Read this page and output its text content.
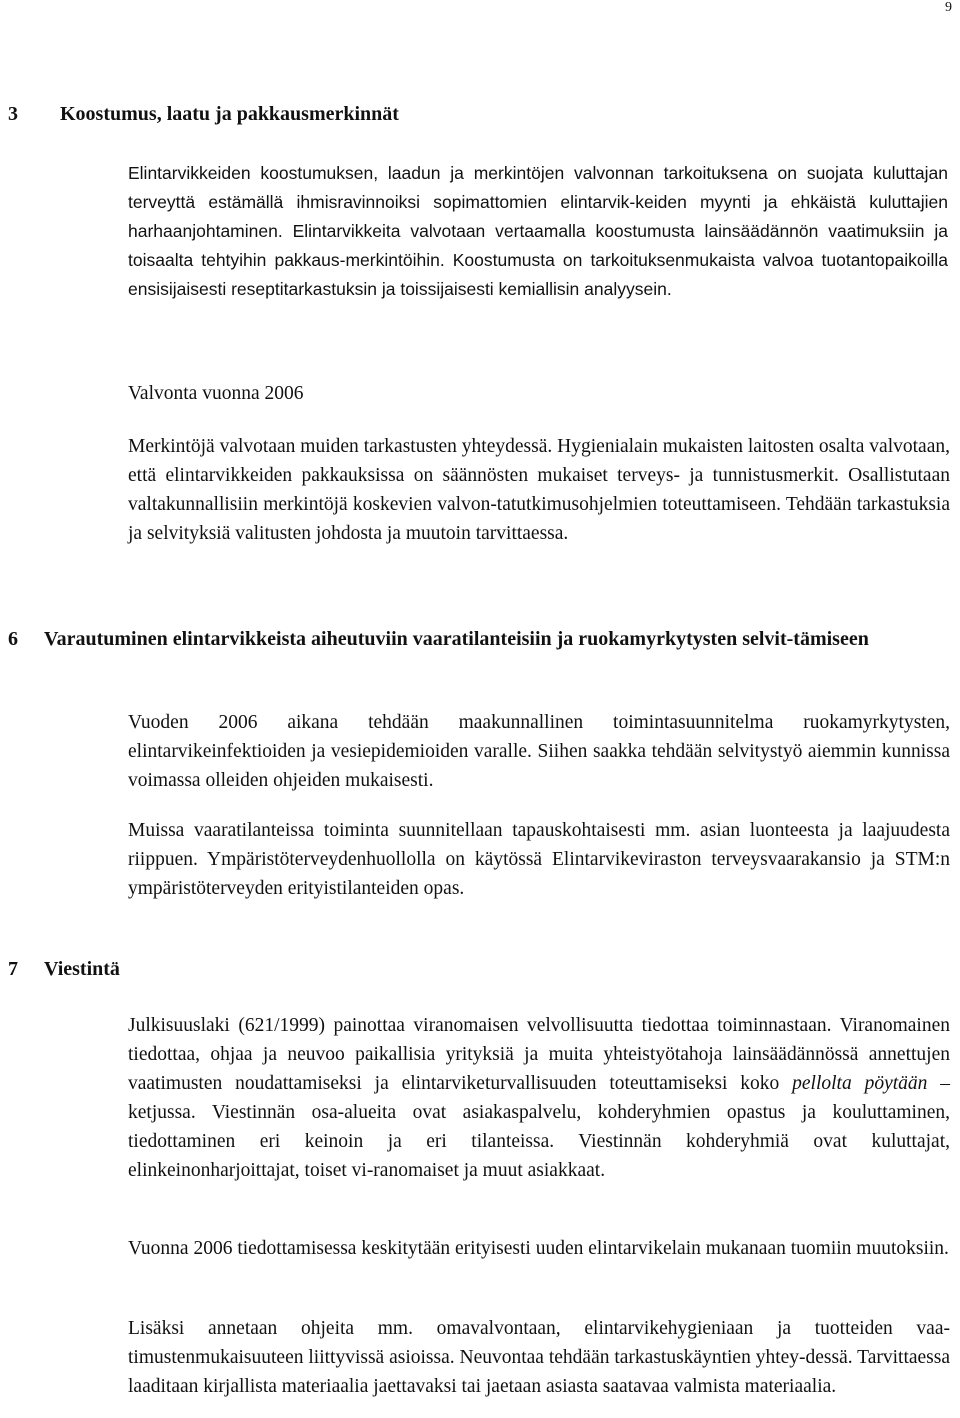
9
3 Koostumus, laatu ja pakkausmerkinnät
Elintarvikkeiden koostumuksen, laadun ja merkintöjen valvonnan tarkoituksena on suojata kuluttajan terveyttä estämällä ihmisravinnoiksi sopimattomien elintarvik-keiden myynti ja ehkäistä kuluttajien harhaanjohtaminen. Elintarvikkeita valvotaan vertaamalla koostumusta lainsäädännön vaatimuksiin ja toisaalta tehtyihin pakkaus-merkintöihin. Koostumusta on tarkoituksenmukaista valvoa tuotantopaikoilla ensisijaisesti reseptitarkastuksin ja toissijaisesti kemiallisin analyysein.
Valvonta vuonna 2006

Merkintöjä valvotaan muiden tarkastusten yhteydessä. Hygienialain mukaisten laitosten osalta valvotaan, että elintarvikkeiden pakkauksissa on säännösten mukaiset terveys- ja tunnistusmerkit. Osallistutaan valtakunnallisiin merkintöjä koskevien valvon-tatutkimusohjelmien toteuttamiseen. Tehdään tarkastuksia ja selvityksiä valitusten johdosta ja muutoin tarvittaessa.

6 Varautuminen elintarvikkeista aiheutuviin vaaratilanteisiin ja ruokamyrkytysten selvit-tämiseen

Vuoden 2006 aikana tehdään maakunnallinen toimintasuunnitelma ruokamyrkytysten, elintarvikeinfektioiden ja vesiepidemioiden varalle. Siihen saakka tehdään selvitystyö aiemmin kunnissa voimassa olleiden ohjeiden mukaisesti.

Muissa vaaratilanteissa toiminta suunnitellaan tapauskohtaisesti mm. asian luonteesta ja laajuudesta riippuen. Ympäristöterveydenhuollolla on käytössä Elintarvikeviraston terveysvaarakansio ja STM:n ympäristöterveyden erityistilanteiden opas.

7 Viestintä

Julkisuuslaki (621/1999) painottaa viranomaisen velvollisuutta tiedottaa toiminnastaan. Viranomainen tiedottaa, ohjaa ja neuvoo paikallisia yrityksiä ja muita yhteistyötahoja lainsäädännössä annettujen vaatimusten noudattamiseksi ja elintarviketurvallisuuden toteuttamiseksi koko pellolta pöytään –ketjussa. Viestinnän osa-alueita ovat asiakaspalvelu, kohderyhmien opastus ja kouluttaminen, tiedottaminen eri keinoin ja eri tilanteissa. Viestinnän kohderyhmiä ovat kuluttajat, elinkeinonharjoittajat, toiset vi-ranomaiset ja muut asiakkaat.

Vuonna 2006 tiedottamisessa keskitytään erityisesti uuden elintarvikelain mukanaan tuomiin muutoksiin.

Lisäksi annetaan ohjeita mm. omavalvontaan, elintarvikehygieniaan ja tuotteiden vaa-timustenmukaisuuteen liittyvissä asioissa. Neuvontaa tehdään tarkastuskäyntien yhtey-dessä. Tarvittaessa laaditaan kirjallista materiaalia jaettavaksi tai jaetaan asiasta saatavaa valmista materiaalia.
